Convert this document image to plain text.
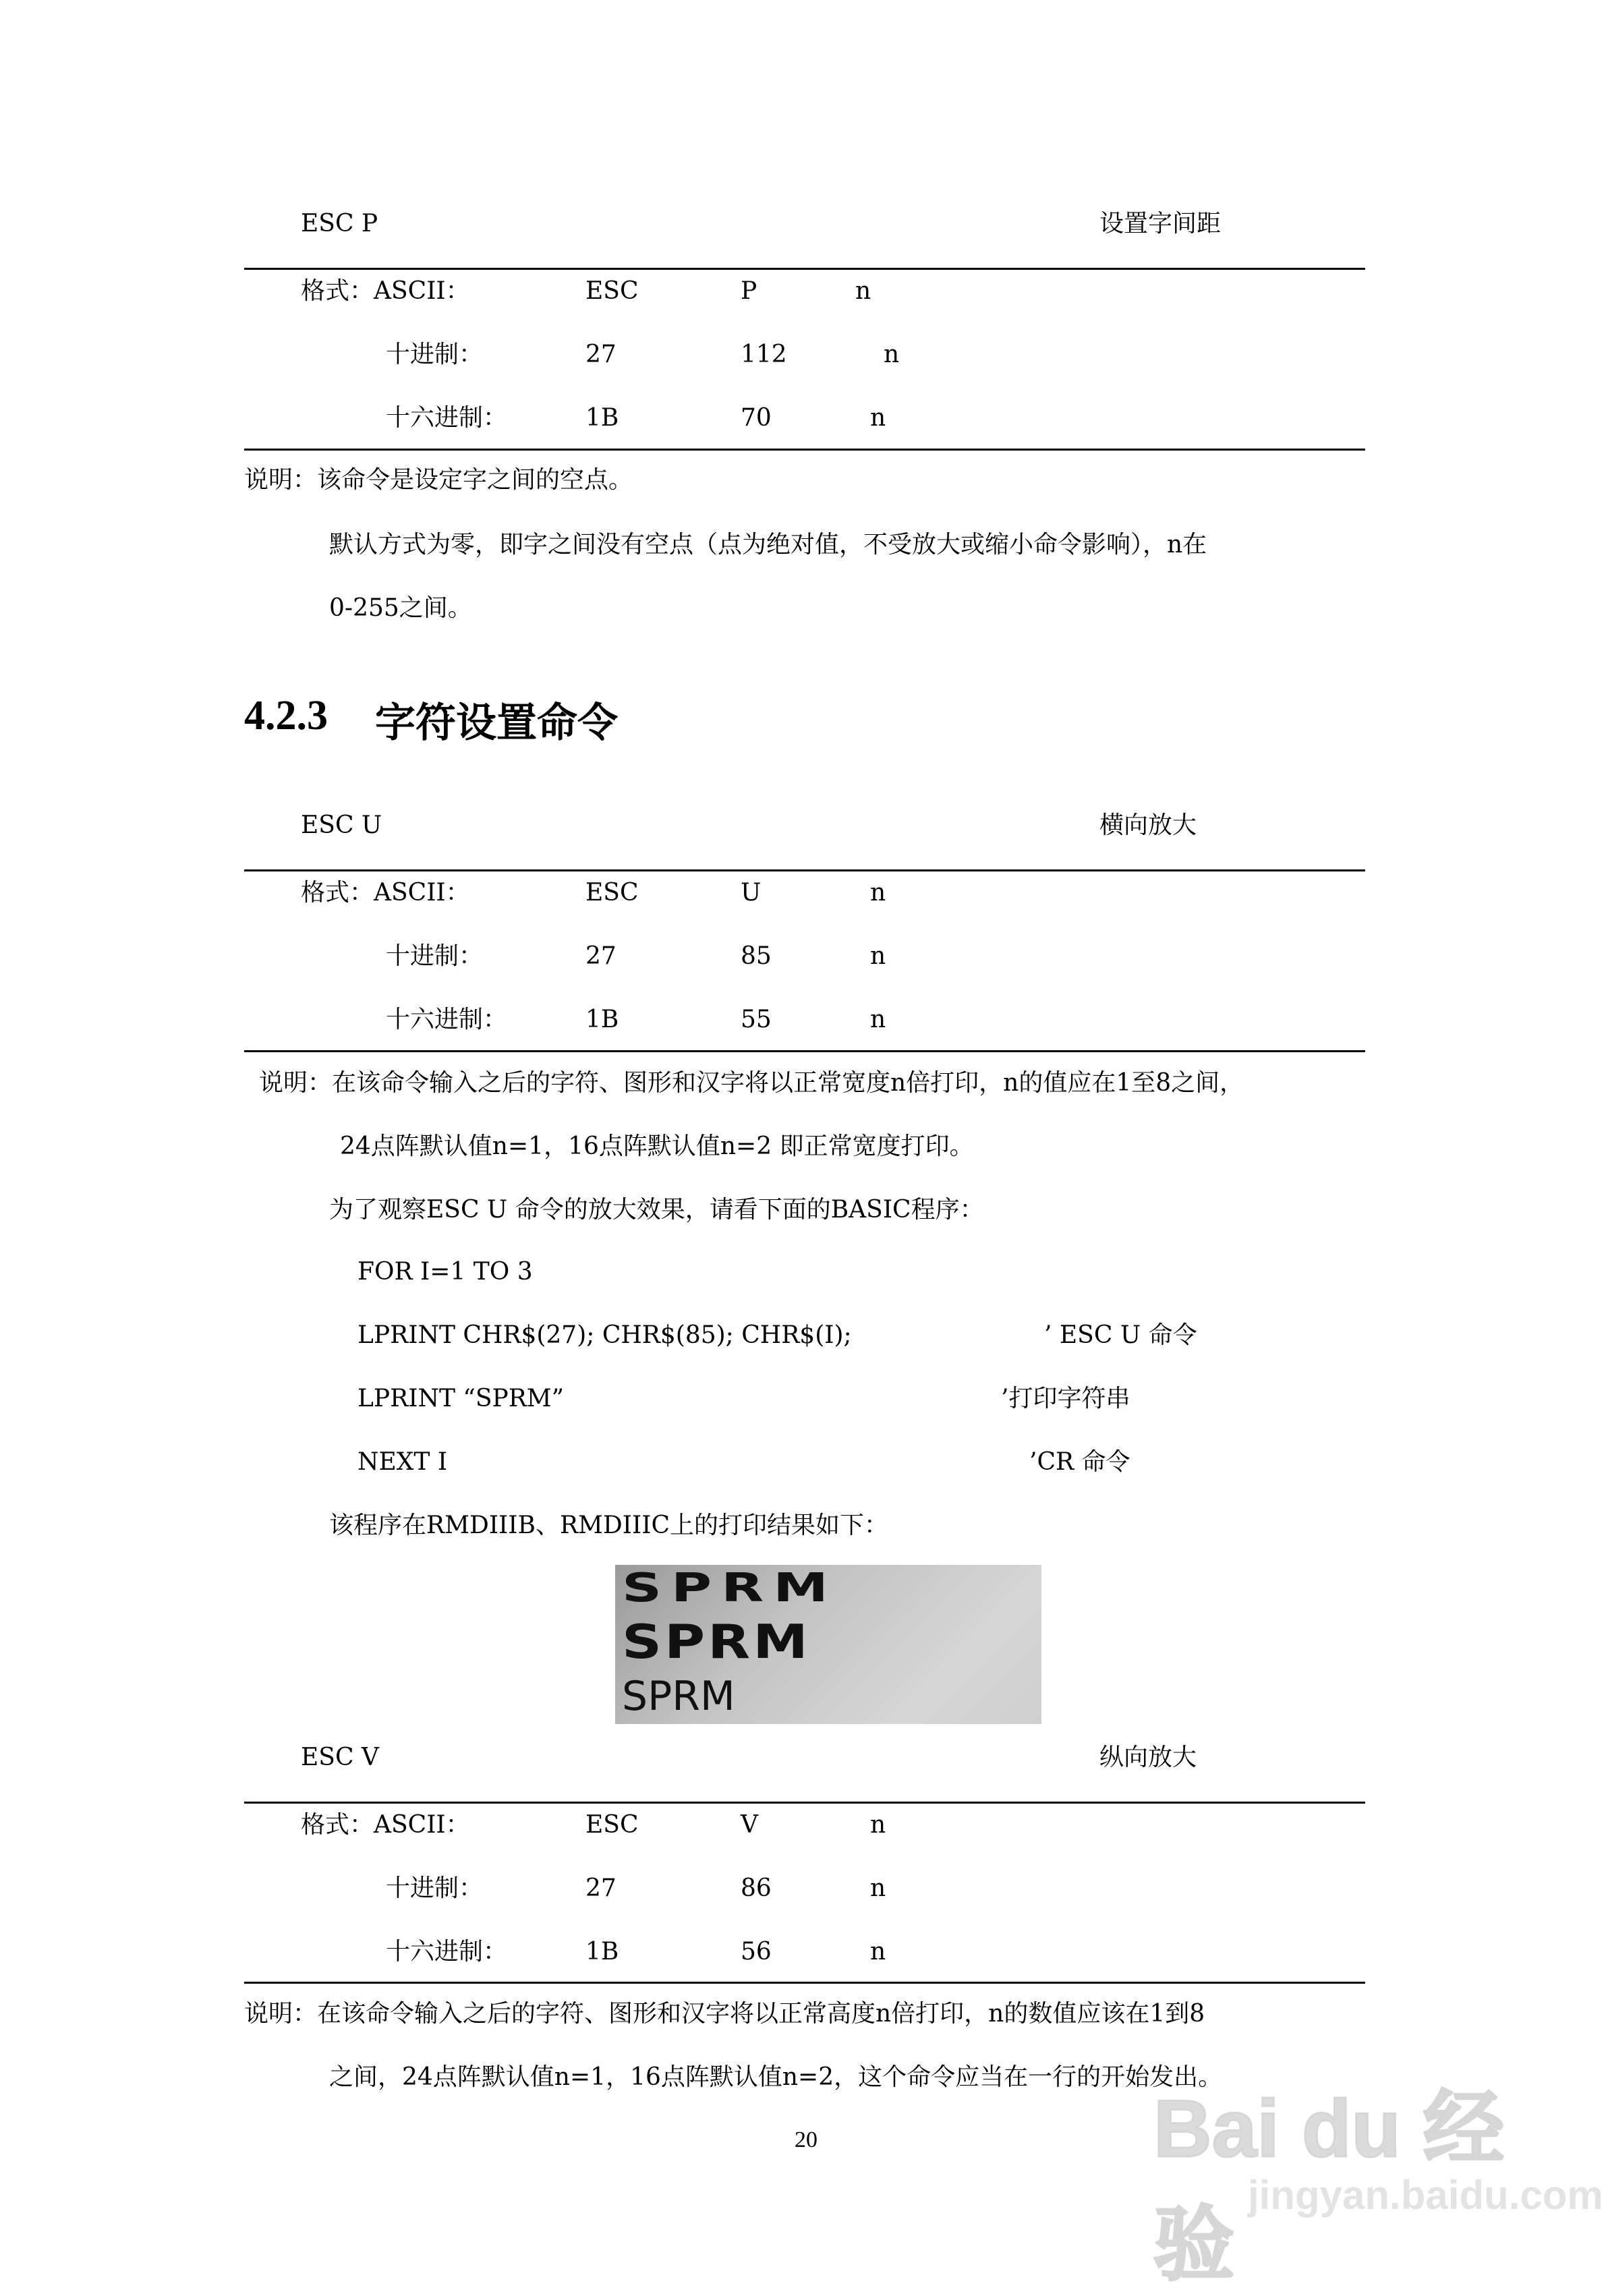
ESC P	设置字间距
格式：ASCII：	ESC	P	n
十进制：	27	112	n
十六进制：	1B	70	n
说明：该命令是设定字之间的空点。
默认方式为零，即字之间没有空点（点为绝对值，不受放大或缩小命令影响），n在
0-255之间。
4.2.3 字符设置命令
ESC U	横向放大
格式：ASCII：	ESC	U	n
十进制：	27	85	n
十六进制：	1B	55	n
说明：在该命令输入之后的字符、图形和汉字将以正常宽度n倍打印，n的值应在1至8之间，
24点阵默认值n=1，16点阵默认值n=2 即正常宽度打印。
为了观察ESC U 命令的放大效果，请看下面的BASIC程序：
FOR I=1 TO 3
LPRINT CHR$(27); CHR$(85); CHR$(I);	’ ESC U 命令
LPRINT “SPRM”	’打印字符串
NEXT I	’CR 命令
该程序在RMDIIIB、RMDIIIC上的打印结果如下：
SPRM
SPRM
SPRM
ESC V	纵向放大
格式：ASCII：	ESC	V	n
十进制：	27	86	n
十六进制：	1B	56	n
说明：在该命令输入之后的字符、图形和汉字将以正常高度n倍打印，n的数值应该在1到8
之间，24点阵默认值n=1，16点阵默认值n=2，这个命令应当在一行的开始发出。
20	Bai du 经验
jingyan.baidu.com
